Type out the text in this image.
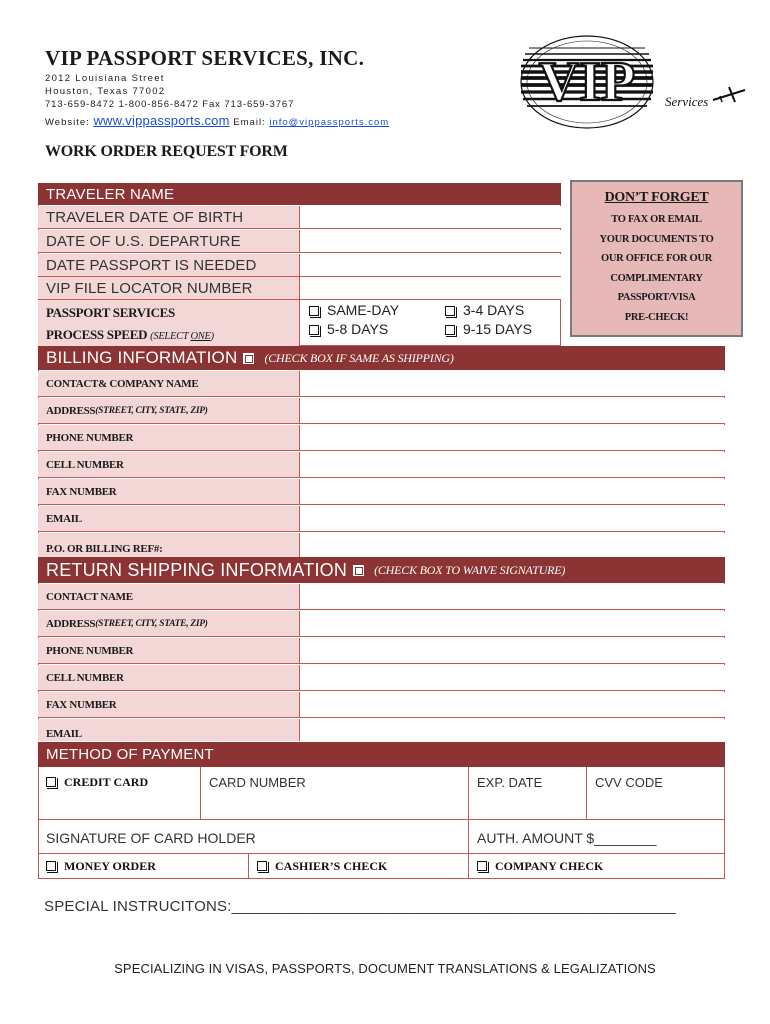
VIP PASSPORT SERVICES, INC.
2012 Louisiana Street
Houston, Texas 77002
713-659-8472 1-800-856-8472 Fax 713-659-3767
Website: www.vippassports.com Email: info@vippassports.com
WORK ORDER REQUEST FORM
VIP Services
DON’T FORGET
TO FAX OR EMAIL
YOUR DOCUMENTS TO
OUR OFFICE FOR OUR
COMPLIMENTARY
PASSPORT/VISA
PRE-CHECK!
TRAVELER NAME
TRAVELER DATE OF BIRTH
DATE OF U.S. DEPARTURE
DATE PASSPORT IS NEEDED
VIP FILE LOCATOR NUMBER
PASSPORT SERVICES
PROCESS SPEED (SELECT ONE)
SAME-DAY	3-4 DAYS
5-8 DAYS	9-15 DAYS
BILLING INFORMATION (CHECK BOX IF SAME AS SHIPPING)
CONTACT& COMPANY NAME
ADDRESS (STREET, CITY, STATE, ZIP)
PHONE NUMBER
CELL NUMBER
FAX NUMBER
EMAIL
P.O. OR BILLING REF#:
RETURN SHIPPING INFORMATION (CHECK BOX TO WAIVE SIGNATURE)
CONTACT NAME
ADDRESS (STREET, CITY, STATE, ZIP)
PHONE NUMBER
CELL NUMBER
FAX NUMBER
EMAIL
METHOD OF PAYMENT
CREDIT CARD	CARD NUMBER	EXP. DATE	CVV CODE
SIGNATURE OF CARD HOLDER	AUTH. AMOUNT $________
MONEY ORDER	CASHIER’S CHECK	COMPANY CHECK
SPECIAL INSTRUCITONS:____________________________________________________
SPECIALIZING IN VISAS, PASSPORTS, DOCUMENT TRANSLATIONS & LEGALIZATIONS
